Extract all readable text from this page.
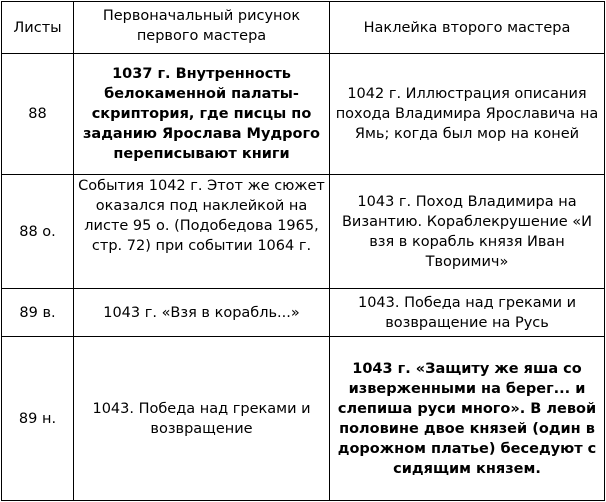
Листы	Первоначальный рисунок первого мастера	Наклейка второго мастера
88	1037 г. Внутренность белокаменной палаты-скриптория, где писцы по заданию Ярослава Мудрого переписывают книги	1042 г. Иллюстрация описания похода Владимира Ярославича на Ямь; когда был мор на коней
88 о.	События 1042 г. Этот же сюжет оказался под наклейкой на листе 95 о. (Подобедова 1965, стр. 72) при событии 1064 г.	1043 г. Поход Владимира на Византию. Кораблекрушение «И взя в корабль князя Иван Творимич»
89 в.	1043 г. «Взя в корабль...»	1043. Победа над греками и возвращение на Русь
89 н.	1043. Победа над греками и возвращение	1043 г. «Защиту же яша со изверженными на берег... и слепиша руси много». В левой половине двое князей (один в дорожном платье) беседуют с сидящим князем.
